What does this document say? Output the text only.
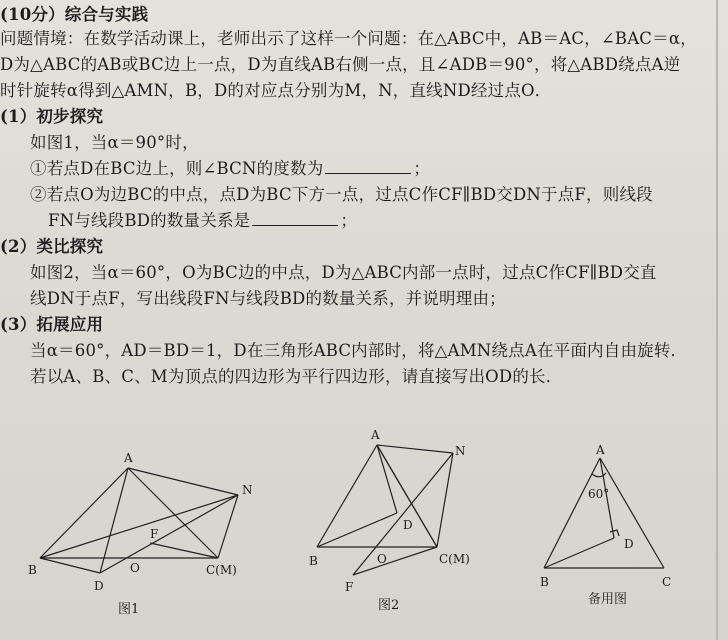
(10分）综合与实践
问题情境：在数学活动课上，老师出示了这样一个问题：在△ABC中，AB＝AC，∠BAC＝α，
D为△ABC的AB或BC边上一点，D为直线AB右侧一点，且∠ADB＝90°，将△ABD绕点A逆
时针旋转α得到△AMN，B，D的对应点分别为M，N，直线ND经过点O．
(1）初步探究
如图1，当α＝90°时，
①若点D在BC边上，则∠BCN的度数为	；
②若点O为边BC的中点，点D为BC下方一点，过点C作CF∥BD交DN于点F，则线段
FN与线段BD的数量关系是	；
(2）类比探究
如图2，当α＝60°，O为BC边的中点，D为△ABC内部一点时，过点C作CF∥BD交直
线DN于点F，写出线段FN与线段BD的数量关系，并说明理由；
(3）拓展应用
当α＝60°，AD＝BD＝1，D在三角形ABC内部时，将△AMN绕点A在平面内自由旋转．
若以A、B、C、M为顶点的四边形为平行四边形，请直接写出OD的长．
A
B	C(M)
D
O
F
N
图1
A
B	C(M)
D
O
F
N
图2
A
B	C
D
60°
备用图
